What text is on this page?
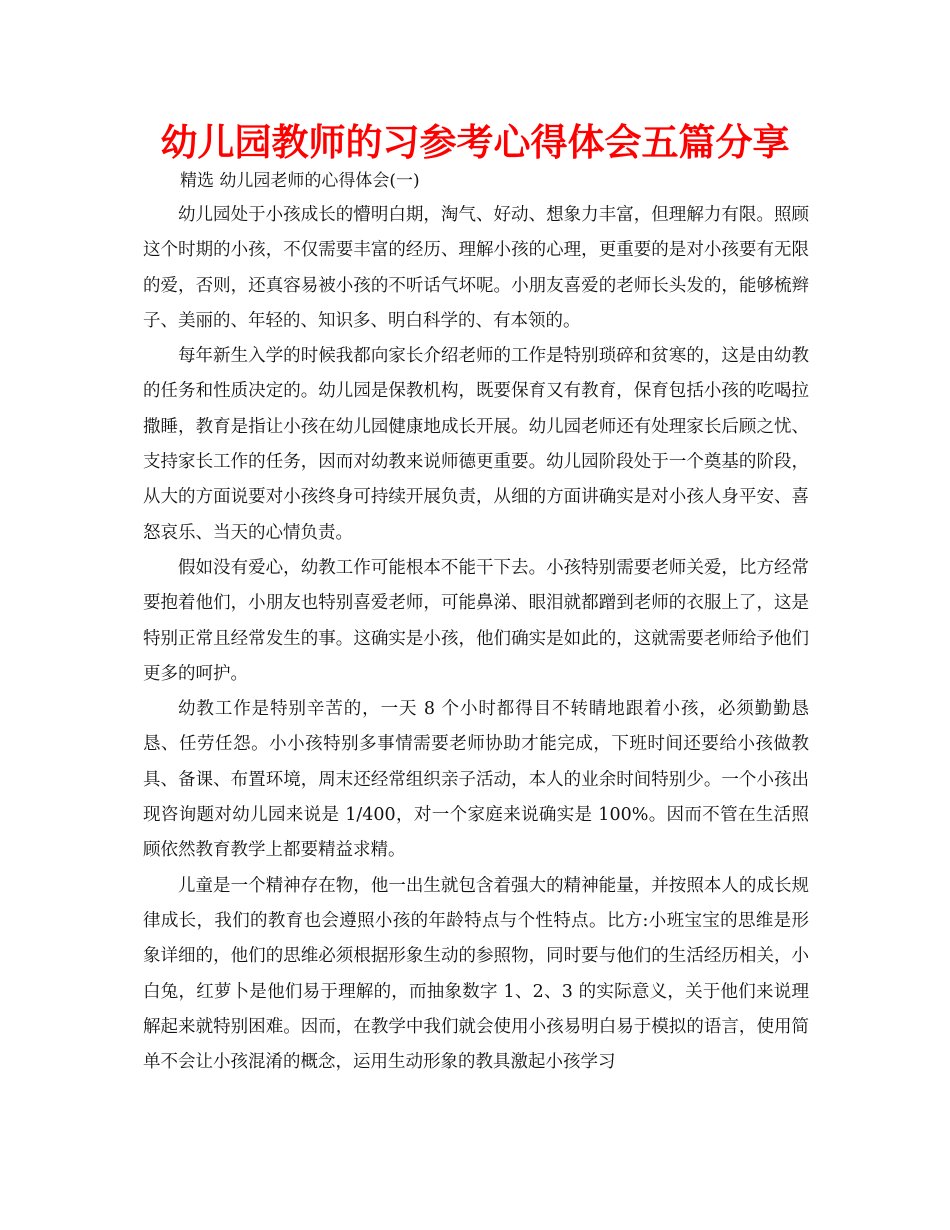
幼儿园教师的习参考心得体会五篇分享
精选 幼儿园老师的心得体会(一)

幼儿园处于小孩成长的懵明白期，淘气、好动、想象力丰富，但理解力有限。照顾这个时期的小孩，不仅需要丰富的经历、理解小孩的心理，更重要的是对小孩要有无限的爱，否则，还真容易被小孩的不听话气坏呢。小朋友喜爱的老师长头发的，能够梳辫子、美丽的、年轻的、知识多、明白科学的、有本领的。

每年新生入学的时候我都向家长介绍老师的工作是特别琐碎和贫寒的，这是由幼教的任务和性质决定的。幼儿园是保教机构，既要保育又有教育，保育包括小孩的吃喝拉撒睡，教育是指让小孩在幼儿园健康地成长开展。幼儿园老师还有处理家长后顾之忧、支持家长工作的任务，因而对幼教来说师德更重要。幼儿园阶段处于一个奠基的阶段，从大的方面说要对小孩终身可持续开展负责，从细的方面讲确实是对小孩人身平安、喜怒哀乐、当天的心情负责。

假如没有爱心，幼教工作可能根本不能干下去。小孩特别需要老师关爱，比方经常要抱着他们，小朋友也特别喜爱老师，可能鼻涕、眼泪就都蹭到老师的衣服上了，这是特别正常且经常发生的事。这确实是小孩，他们确实是如此的，这就需要老师给予他们更多的呵护。

幼教工作是特别辛苦的，一天 8 个小时都得目不转睛地跟着小孩，必须勤勤恳恳、任劳任怨。小小孩特别多事情需要老师协助才能完成，下班时间还要给小孩做教具、备课、布置环境，周末还经常组织亲子活动，本人的业余时间特别少。一个小孩出现咨询题对幼儿园来说是 1/400，对一个家庭来说确实是 100%。因而不管在生活照顾依然教育教学上都要精益求精。

儿童是一个精神存在物，他一出生就包含着强大的精神能量，并按照本人的成长规律成长，我们的教育也会遵照小孩的年龄特点与个性特点。比方:小班宝宝的思维是形象详细的，他们的思维必须根据形象生动的参照物，同时要与他们的生活经历相关，小白兔，红萝卜是他们易于理解的，而抽象数字 1、2、3 的实际意义，关于他们来说理解起来就特别困难。因而，在教学中我们就会使用小孩易明白易于模拟的语言，使用简单不会让小孩混淆的概念，运用生动形象的教具激起小孩学习
